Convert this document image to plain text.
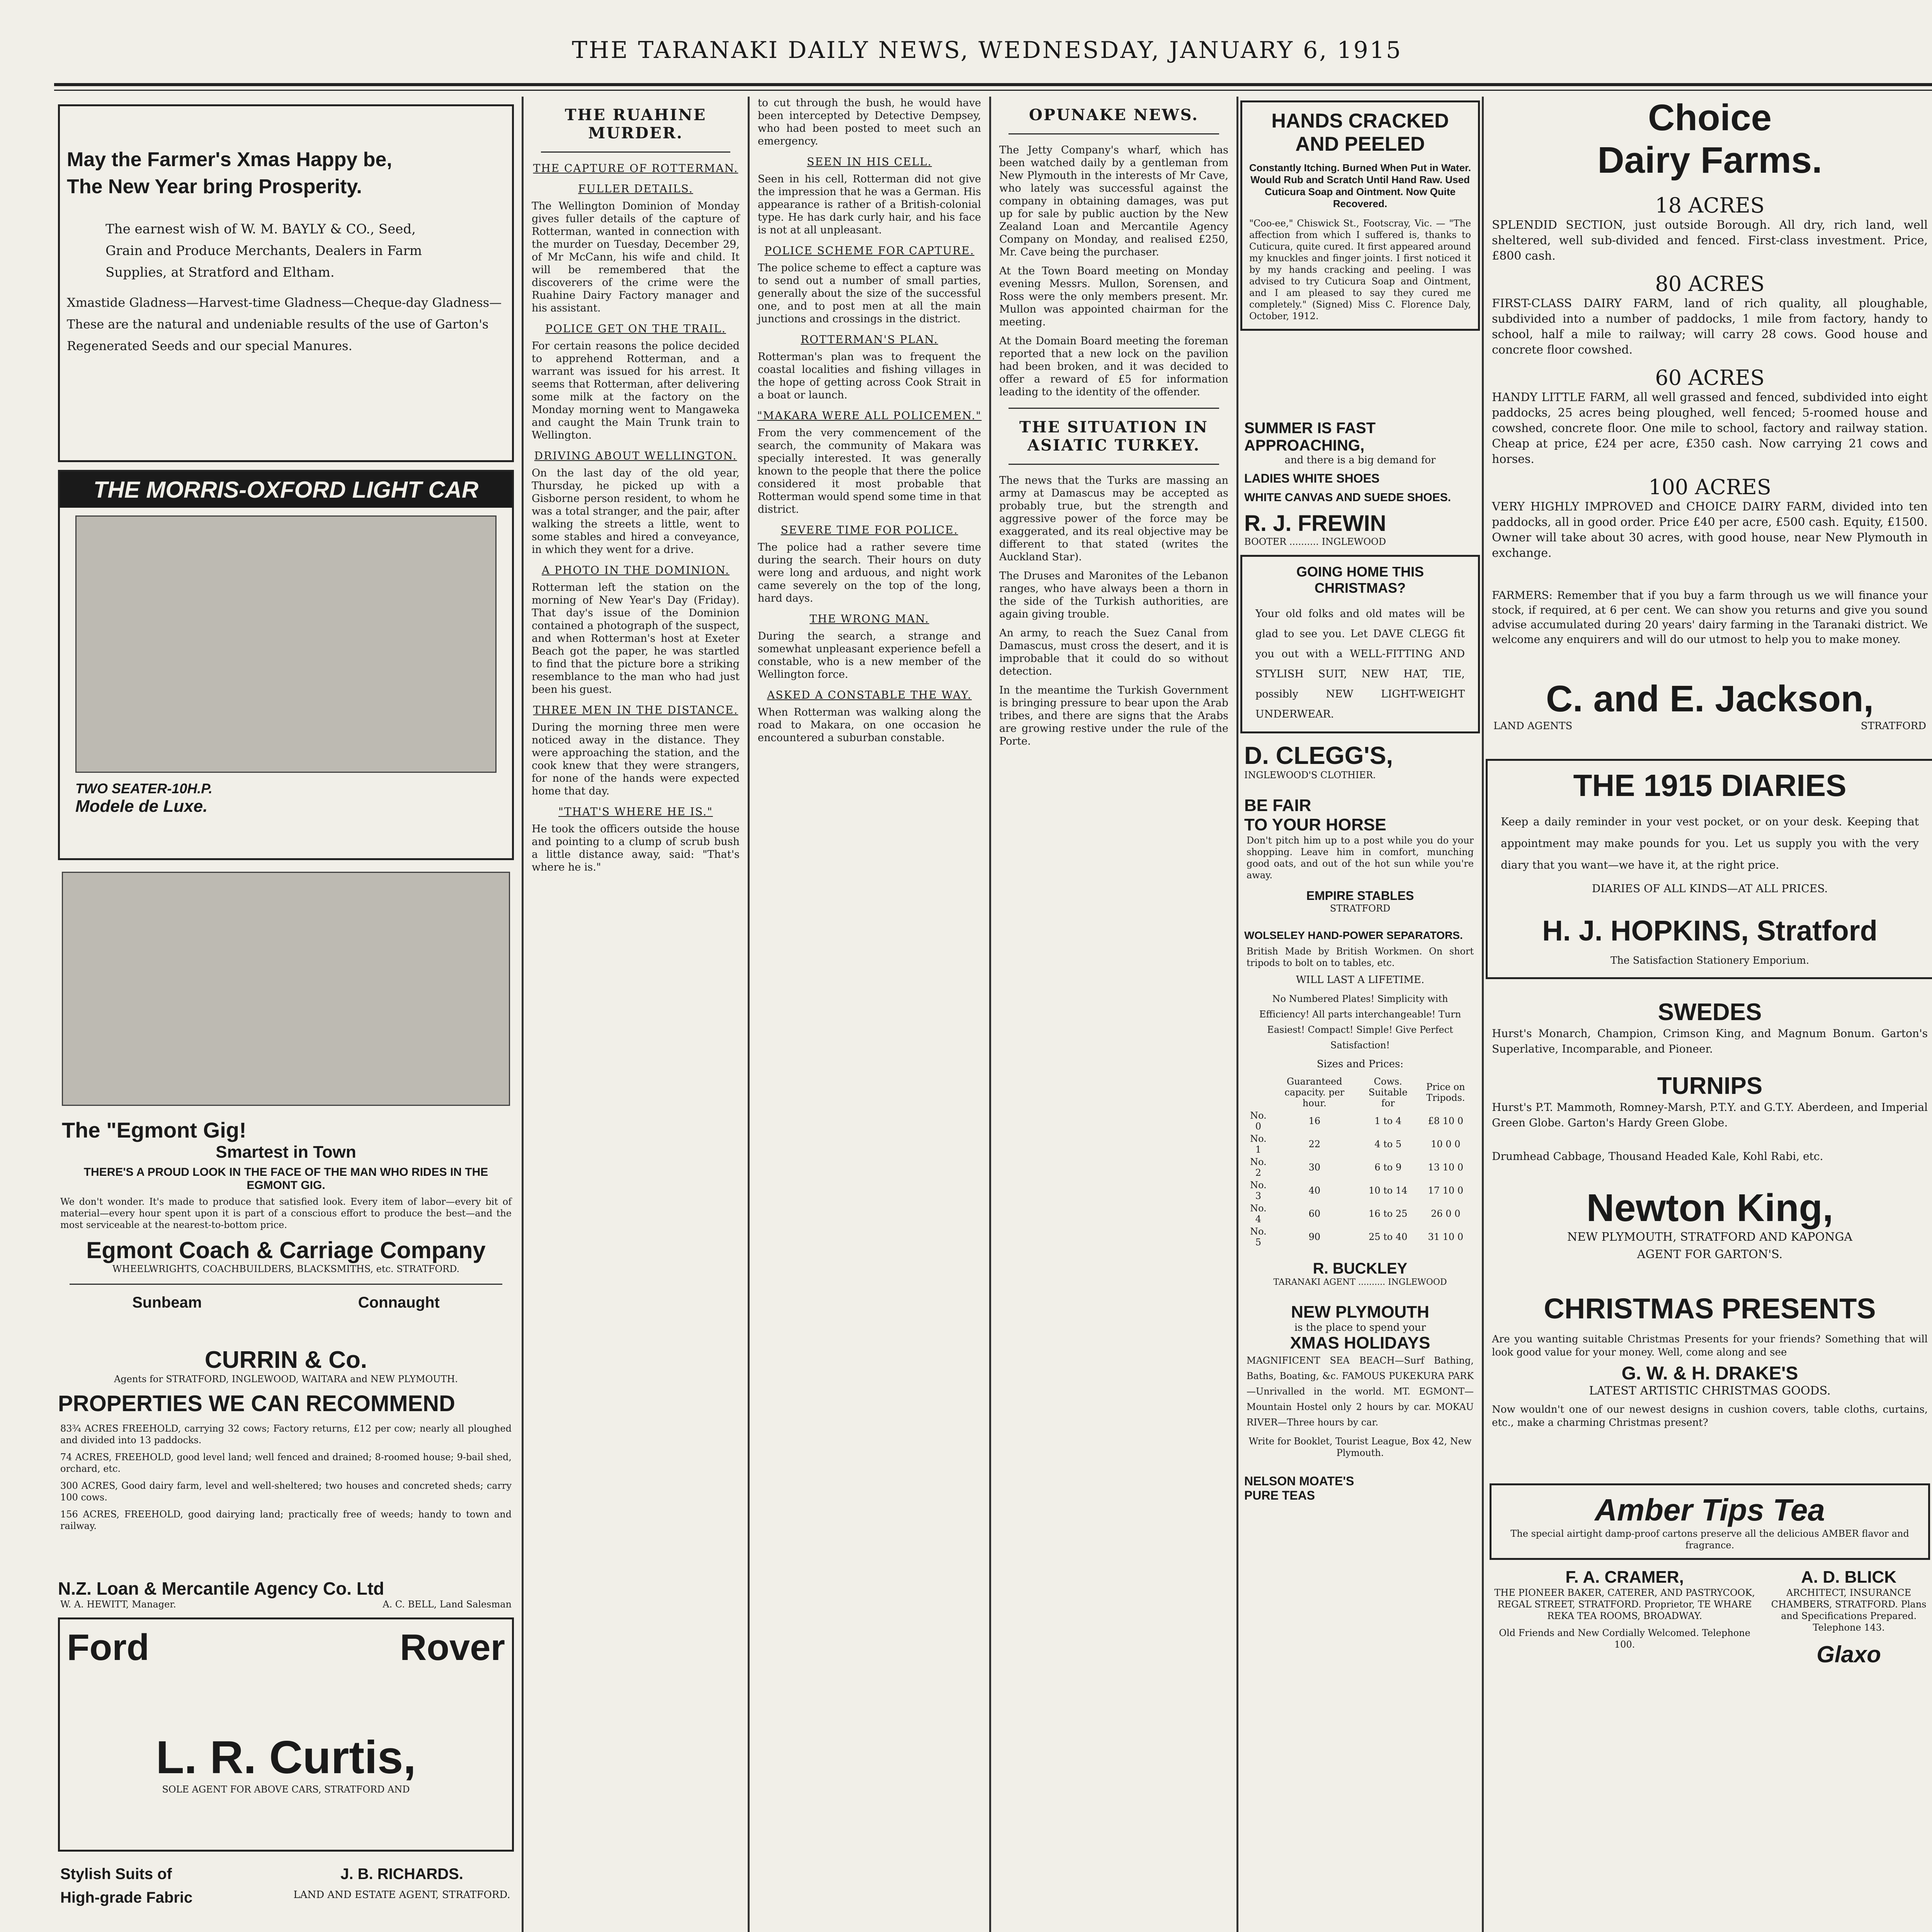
THE TARANAKI DAILY NEWS, WEDNESDAY, JANUARY 6, 1915
May the Farmer's Xmas Happy be,
The New Year bring Prosperity.
The earnest wish of W. M. BAYLY & CO., Seed,
Grain and Produce Merchants, Dealers in Farm
Supplies, at Stratford and Eltham.
Xmastide Gladness—Harvest-time Gladness—Cheque-day Gladness—These are the natural and undeniable results of the use of Garton's Regenerated Seeds and our special Manures.
THE MORRIS-OXFORD LIGHT CAR
TWO SEATER-10H.P.
Modele de Luxe.
The "Egmont Gig!
Smartest in Town
THERE'S A PROUD LOOK IN THE FACE OF THE MAN WHO RIDES IN THE EGMONT GIG.
We don't wonder. It's made to produce that satisfied look. Every item of labor—every bit of material—every hour spent upon it is part of a conscious effort to produce the best—and the most serviceable at the nearest-to-bottom price.
Egmont Coach & Carriage Company
WHEELWRIGHTS, COACHBUILDERS, BLACKSMITHS, etc. STRATFORD.
Sunbeam	Connaught
CURRIN & Co.
Agents for STRATFORD, INGLEWOOD, WAITARA and NEW PLYMOUTH.
PROPERTIES WE CAN RECOMMEND
83¾ ACRES FREEHOLD, carrying 32 cows; Factory returns, £12 per cow; nearly all ploughed and divided into 13 paddocks.
74 ACRES, FREEHOLD, good level land; well fenced and drained; 8-roomed house; 9-bail shed, orchard, etc.
300 ACRES, Good dairy farm, level and well-sheltered; two houses and concreted sheds; carry 100 cows.
156 ACRES, FREEHOLD, good dairying land; practically free of weeds; handy to town and railway.
N.Z. Loan & Mercantile Agency Co. Ltd
W. A. HEWITT, Manager.	A. C. BELL, Land Salesman
Ford	Rover
L. R. Curtis,
SOLE AGENT FOR ABOVE CARS, STRATFORD AND
Stylish Suits of
High-grade Fabric
J. B. RICHARDS.
LAND AND ESTATE AGENT, STRATFORD.
THE RUAHINE MURDER.
THE CAPTURE OF ROTTERMAN.
FULLER DETAILS.
The Wellington Dominion of Monday gives fuller details of the capture of Rotterman, wanted in connection with the murder on Tuesday, December 29, of Mr McCann, his wife and child. It will be remembered that the discoverers of the crime were the Ruahine Dairy Factory manager and his assistant.
POLICE GET ON THE TRAIL.
For certain reasons the police decided to apprehend Rotterman, and a warrant was issued for his arrest. It seems that Rotterman, after delivering some milk at the factory on the Monday morning went to Mangaweka and caught the Main Trunk train to Wellington.
DRIVING ABOUT WELLINGTON.
On the last day of the old year, Thursday, he picked up with a Gisborne person resident, to whom he was a total stranger, and the pair, after walking the streets a little, went to some stables and hired a conveyance, in which they went for a drive.
A PHOTO IN THE DOMINION.
Rotterman left the station on the morning of New Year's Day (Friday). That day's issue of the Dominion contained a photograph of the suspect, and when Rotterman's host at Exeter Beach got the paper, he was startled to find that the picture bore a striking resemblance to the man who had just been his guest.
THREE MEN IN THE DISTANCE.
During the morning three men were noticed away in the distance. They were approaching the station, and the cook knew that they were strangers, for none of the hands were expected home that day.
"THAT'S WHERE HE IS."
He took the officers outside the house and pointing to a clump of scrub bush a little distance away, said: "That's where he is."
to cut through the bush, he would have been intercepted by Detective Dempsey, who had been posted to meet such an emergency.
SEEN IN HIS CELL.
Seen in his cell, Rotterman did not give the impression that he was a German. His appearance is rather of a British-colonial type. He has dark curly hair, and his face is not at all unpleasant.
POLICE SCHEME FOR CAPTURE.
The police scheme to effect a capture was to send out a number of small parties, generally about the size of the successful one, and to post men at all the main junctions and crossings in the district.
ROTTERMAN'S PLAN.
Rotterman's plan was to frequent the coastal localities and fishing villages in the hope of getting across Cook Strait in a boat or launch.
"MAKARA WERE ALL POLICEMEN."
From the very commencement of the search, the community of Makara was specially interested. It was generally known to the people that there the police considered it most probable that Rotterman would spend some time in that district.
SEVERE TIME FOR POLICE.
The police had a rather severe time during the search. Their hours on duty were long and arduous, and night work came severely on the top of the long, hard days.
THE WRONG MAN.
During the search, a strange and somewhat unpleasant experience befell a constable, who is a new member of the Wellington force.
ASKED A CONSTABLE THE WAY.
When Rotterman was walking along the road to Makara, on one occasion he encountered a suburban constable.
OPUNAKE NEWS.
The Jetty Company's wharf, which has been watched daily by a gentleman from New Plymouth in the interests of Mr Cave, who lately was successful against the company in obtaining damages, was put up for sale by public auction by the New Zealand Loan and Mercantile Agency Company on Monday, and realised £250, Mr. Cave being the purchaser.
At the Town Board meeting on Monday evening Messrs. Mullon, Sorensen, and Ross were the only members present. Mr. Mullon was appointed chairman for the meeting.
At the Domain Board meeting the foreman reported that a new lock on the pavilion had been broken, and it was decided to offer a reward of £5 for information leading to the identity of the offender.
THE SITUATION IN ASIATIC TURKEY.
The news that the Turks are massing an army at Damascus may be accepted as probably true, but the strength and aggressive power of the force may be exaggerated, and its real objective may be different to that stated (writes the Auckland Star).
The Druses and Maronites of the Lebanon ranges, who have always been a thorn in the side of the Turkish authorities, are again giving trouble.
An army, to reach the Suez Canal from Damascus, must cross the desert, and it is improbable that it could do so without detection.
In the meantime the Turkish Government is bringing pressure to bear upon the Arab tribes, and there are signs that the Arabs are growing restive under the rule of the Porte.
HANDS CRACKED
AND PEELED
Constantly Itching. Burned When Put in Water. Would Rub and Scratch Until Hand Raw. Used Cuticura Soap and Ointment. Now Quite Recovered.
"Coo-ee," Chiswick St., Footscray, Vic. — "The affection from which I suffered is, thanks to Cuticura, quite cured. It first appeared around my knuckles and finger joints. I first noticed it by my hands cracking and peeling. I was advised to try Cuticura Soap and Ointment, and I am pleased to say they cured me completely." (Signed) Miss C. Florence Daly, October, 1912.
SUMMER IS FAST APPROACHING,
and there is a big demand for
LADIES WHITE SHOES
WHITE CANVAS AND SUEDE SHOES.
R. J. FREWIN
BOOTER .......... INGLEWOOD
GOING HOME THIS
CHRISTMAS?
Your old folks and old mates will be glad to see you. Let DAVE CLEGG fit you out with a WELL-FITTING AND STYLISH SUIT, NEW HAT, TIE, possibly NEW LIGHT-WEIGHT UNDERWEAR.
D. CLEGG'S,
INGLEWOOD'S CLOTHIER.
BE FAIR
TO YOUR HORSE
Don't pitch him up to a post while you do your shopping. Leave him in comfort, munching good oats, and out of the hot sun while you're away.
EMPIRE STABLES
STRATFORD
WOLSELEY HAND-POWER SEPARATORS.
British Made by British Workmen. On short tripods to bolt on to tables, etc.
WILL LAST A LIFETIME.
No Numbered Plates! Simplicity with Efficiency! All parts interchangeable! Turn Easiest! Compact! Simple! Give Perfect Satisfaction!
Sizes and Prices:
	Guaranteed capacity. per hour.	Cows. Suitable for	Price on Tripods.
No. 0	16	1 to 4	£8 10 0
No. 1	22	4 to 5	10 0 0
No. 2	30	6 to 9	13 10 0
No. 3	40	10 to 14	17 10 0
No. 4	60	16 to 25	26 0 0
No. 5	90	25 to 40	31 10 0
R. BUCKLEY
TARANAKI AGENT .......... INGLEWOOD
NEW PLYMOUTH
is the place to spend your
XMAS HOLIDAYS
MAGNIFICENT SEA BEACH—Surf Bathing, Baths, Boating, &c. FAMOUS PUKEKURA PARK—Unrivalled in the world. MT. EGMONT—Mountain Hostel only 2 hours by car. MOKAU RIVER—Three hours by car.
Write for Booklet, Tourist League, Box 42, New Plymouth.
NELSON MOATE'S PURE TEAS
Choice
Dairy Farms.
18 ACRES
SPLENDID SECTION, just outside Borough. All dry, rich land, well sheltered, well sub-divided and fenced. First-class investment. Price, £800 cash.
80 ACRES
FIRST-CLASS DAIRY FARM, land of rich quality, all ploughable, subdivided into a number of paddocks, 1 mile from factory, handy to school, half a mile to railway; will carry 28 cows. Good house and concrete floor cowshed.
60 ACRES
HANDY LITTLE FARM, all well grassed and fenced, subdivided into eight paddocks, 25 acres being ploughed, well fenced; 5-roomed house and cowshed, concrete floor. One mile to school, factory and railway station. Cheap at price, £24 per acre, £350 cash. Now carrying 21 cows and horses.
100 ACRES
VERY HIGHLY IMPROVED and CHOICE DAIRY FARM, divided into ten paddocks, all in good order. Price £40 per acre, £500 cash. Equity, £1500. Owner will take about 30 acres, with good house, near New Plymouth in exchange.
FARMERS: Remember that if you buy a farm through us we will finance your stock, if required, at 6 per cent. We can show you returns and give you sound advise accumulated during 20 years' dairy farming in the Taranaki district. We welcome any enquirers and will do our utmost to help you to make money.
C. and E. Jackson,
LAND AGENTS	STRATFORD
THE 1915 DIARIES
Keep a daily reminder in your vest pocket, or on your desk. Keeping that appointment may make pounds for you. Let us supply you with the very diary that you want—we have it, at the right price.
DIARIES OF ALL KINDS—AT ALL PRICES.
H. J. HOPKINS, Stratford
The Satisfaction Stationery Emporium.
SWEDES
Hurst's Monarch, Champion, Crimson King, and Magnum Bonum. Garton's Superlative, Incomparable, and Pioneer.
TURNIPS
Hurst's P.T. Mammoth, Romney-Marsh, P.T.Y. and G.T.Y. Aberdeen, and Imperial Green Globe. Garton's Hardy Green Globe.
Drumhead Cabbage, Thousand Headed Kale, Kohl Rabi, etc.
Newton King,
NEW PLYMOUTH, STRATFORD AND KAPONGA
AGENT FOR GARTON'S.
CHRISTMAS PRESENTS
Are you wanting suitable Christmas Presents for your friends? Something that will look good value for your money. Well, come along and see
G. W. & H. DRAKE'S
LATEST ARTISTIC CHRISTMAS GOODS.
Now wouldn't one of our newest designs in cushion covers, table cloths, curtains, etc., make a charming Christmas present?
Amber Tips Tea
The special airtight damp-proof cartons preserve all the delicious AMBER flavor and fragrance.
F. A. CRAMER,
THE PIONEER BAKER, CATERER, AND PASTRYCOOK, REGAL STREET, STRATFORD. Proprietor, TE WHARE REKA TEA ROOMS, BROADWAY.
Old Friends and New Cordially Welcomed. Telephone 100.
A. D. BLICK
ARCHITECT, INSURANCE CHAMBERS, STRATFORD. Plans and Specifications Prepared. Telephone 143.
Glaxo
